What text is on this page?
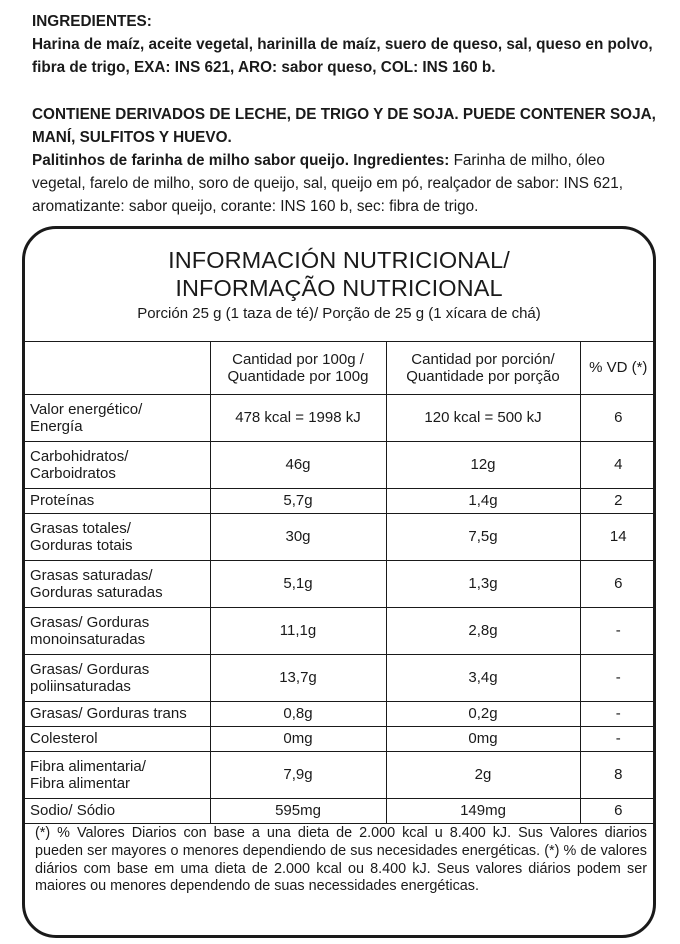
INGREDIENTES:

Harina de maíz, aceite vegetal, harinilla de maíz, suero de queso, sal, queso en polvo, fibra de trigo, EXA: INS 621, ARO: sabor queso, COL: INS 160 b.

CONTIENE DERIVADOS DE LECHE, DE TRIGO Y DE SOJA. PUEDE CONTENER SOJA, MANÍ, SULFITOS Y HUEVO.

Palitinhos de farinha de milho sabor queijo. Ingredientes: Farinha de milho, óleo vegetal, farelo de milho, soro de queijo, sal, queijo em pó, realçador de sabor: INS 621, aromatizante: sabor queijo, corante: INS 160 b, sec: fibra de trigo.

INFORMACIÓN NUTRICIONAL/
INFORMAÇÃO NUTRICIONAL
Porción 25 g (1 taza de té)/ Porção de 25 g (1 xícara de chá)
	Cantidad por 100g /
Quantidade por 100g	Cantidad por porción/
Quantidade por porção	% VD (*)
Valor energético/
Energía	478 kcal = 1998 kJ	120 kcal = 500 kJ	6
Carbohidratos/
Carboidratos	46g	12g	4
Proteínas	5,7g	1,4g	2
Grasas totales/
Gorduras totais	30g	7,5g	14
Grasas saturadas/
Gorduras saturadas	5,1g	1,3g	6
Grasas/ Gorduras
monoinsaturadas	11,1g	2,8g	-
Grasas/ Gorduras
poliinsaturadas	13,7g	3,4g	-
Grasas/ Gorduras trans	0,8g	0,2g	-
Colesterol	0mg	0mg	-
Fibra alimentaria/
Fibra alimentar	7,9g	2g	8
Sodio/ Sódio	595mg	149mg	6
(*) % Valores Diarios con base a una dieta de 2.000 kcal u 8.400 kJ. Sus Valores diarios pueden ser mayores o menores dependiendo de sus necesidades energéticas. (*) % de valores diários com base em uma dieta de 2.000 kcal ou 8.400 kJ. Seus valores diários podem ser maiores ou menores dependendo de suas necessidades energéticas.
